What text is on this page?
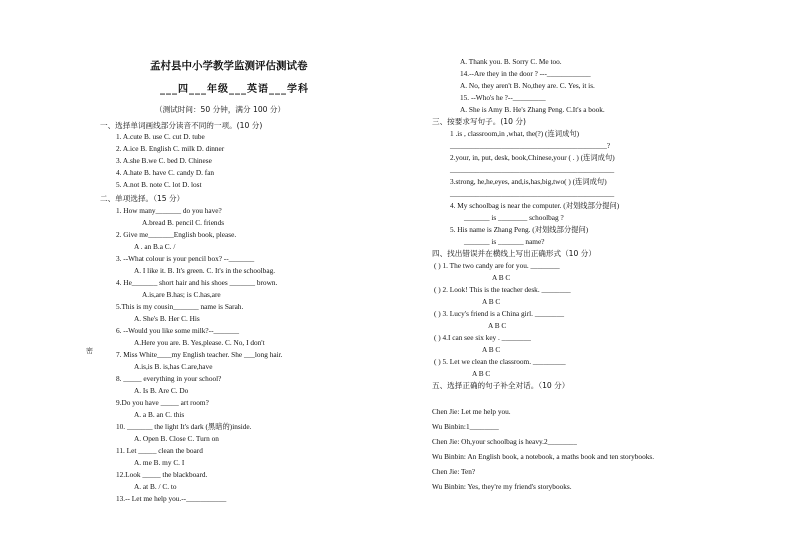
孟村县中小学教学监测评估测试卷
___四___年级___英语___学科
（测试时间：50 分钟，满分 100 分）
一、选择单词画线部分读音不同的一项。(10 分)
1. A.cute B. use C. cut D. tube
2. A.ice B. English C. milk D. dinner
3. A.she B.we C. bed D. Chinese
4. A.hate B. have C. candy D. fan
5. A.not B. note C. lot D. lost
二、单项选择。（15 分）
1. How many_______ do you have?
A.bread B. pencil C. friends
2. Give me_______English book, please.
A . an B.a C. /
3. --What colour is your pencil box? --_______
A. I like it. B. It's green. C. It's in the schoolbag.
4. He_______ short hair and his shoes _______ brown.
A.is,are B.has; is C.has,are
5.This is my cousin_______ name is Sarah.
A. She's B. Her C. His
6. --Would you like some milk?--_______
A.Here you are. B. Yes,please. C. No, I don't
7. Miss White____my English teacher. She ___long hair.
A.is,is B. is,has C.are,have
8. _____ everything in your school?
A. Is B. Are C. Do
9.Do you have _____ art room?
A. a B. an C. this
10. _______ the light It's dark (黑暗的)inside.
A. Open B. Close C. Turn on
11. Let _____ clean the board
A. me B. my C. I
12.Look _____ the blackboard.
A. at B. / C. to
13.-- Let me help you.--___________
A. Thank you. B. Sorry C. Me too.
14.--Are they in the door ? ---____________
A. No, they aren't B. No,they are. C. Yes, it is.
15. --Who's he ?--_________
A. She is Amy B. He's Zhang Peng. C.It's a book.
三、按要求写句子。(10 分)
1 .is , classroom,in ,what, the(?) (连词成句)
___________________________________________?
2.your, in, put, desk, book,Chinese,your ( . ) (连词成句)
_____________________________________________
3.strong, he,he,eyes, and,is,has,big,two( ) (连词成句)
_____________________________________________
4. My schoolbag is near the computer. (对划线部分提问)
_______ is ________ schoolbag ?
5. His name is Zhang Peng. (对划线部分提问)
_______ is _______ name?
四、找出错误并在横线上写出正确形式（10 分）
( ) 1. The two candy are for you. ________
A B C
( ) 2. Look! This is the teacher desk. ________
A B C
( ) 3. Lucy's friend is a China girl. ________
A B C
( ) 4.I can see six key . ________
A B C
( ) 5. Let we clean the classroom. _________
A B C
五、选择正确的句子补全对话。（10 分）
Chen Jie: Let me help you.
Wu Binbin:1________
Chen Jie: Oh,your schoolbag is heavy.2________
Wu Binbin: An English book, a notebook, a maths book and ten storybooks.
Chen Jie: Ten?
Wu Binbin: Yes, they're my friend's storybooks.
密
